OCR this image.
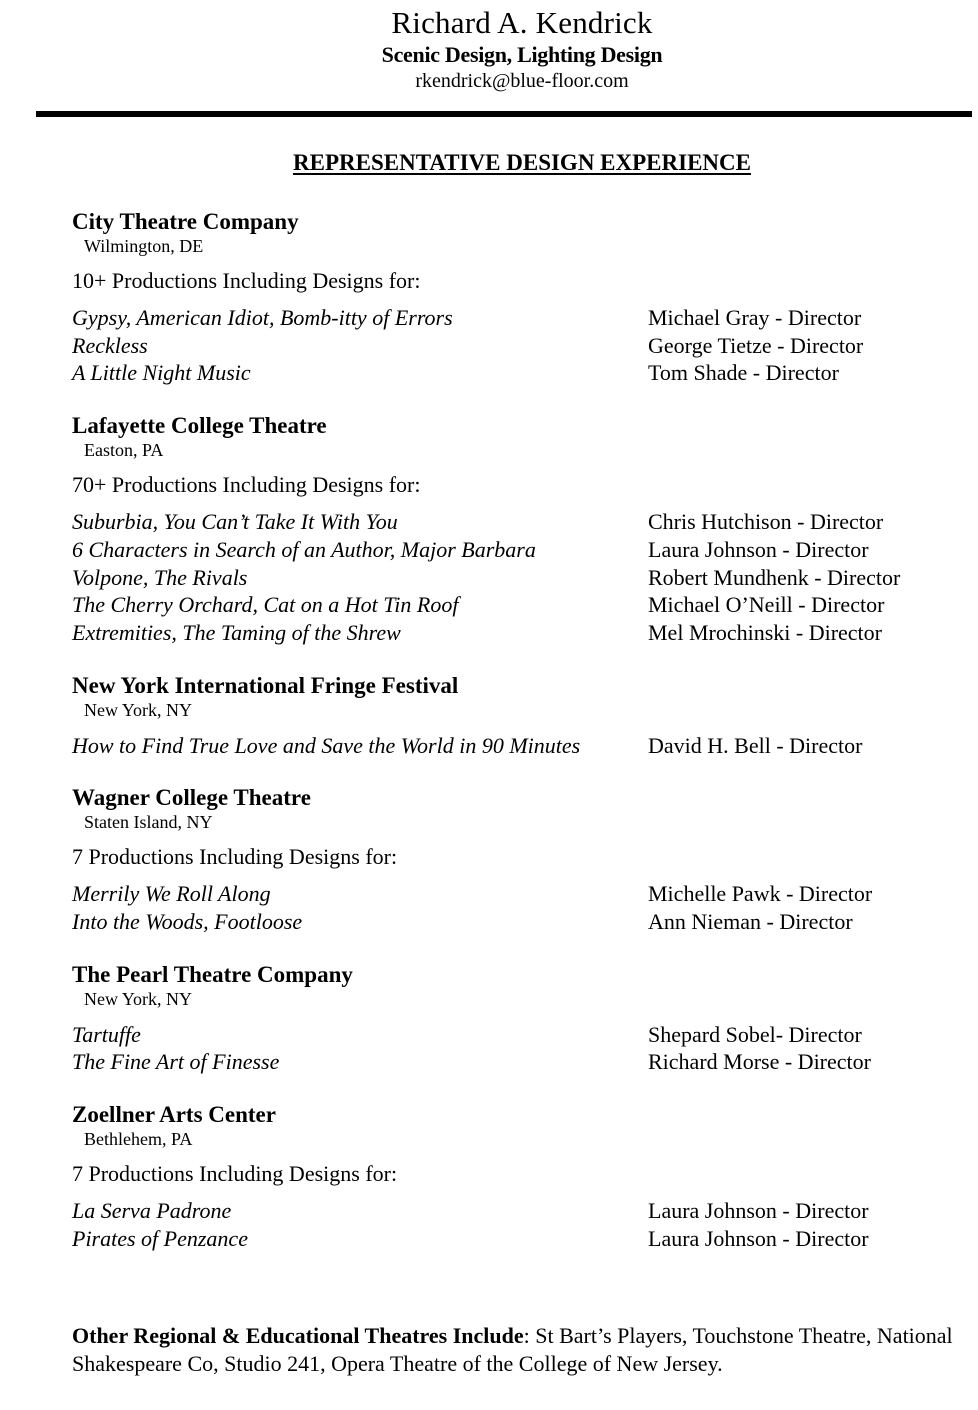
Richard A. Kendrick
Scenic Design, Lighting Design
rkendrick@blue-floor.com
REPRESENTATIVE DESIGN EXPERIENCE
City Theatre Company
Wilmington, DE
10+ Productions Including Designs for:
Gypsy, American Idiot, Bomb-itty of Errors	Michael Gray - Director
Reckless	George Tietze - Director
A Little Night Music	Tom Shade - Director
Lafayette College Theatre
Easton, PA
70+ Productions Including Designs for:
Suburbia, You Can’t Take It With You	Chris Hutchison - Director
6 Characters in Search of an Author, Major Barbara	Laura Johnson - Director
Volpone, The Rivals	Robert Mundhenk - Director
The Cherry Orchard, Cat on a Hot Tin Roof	Michael O’Neill - Director
Extremities, The Taming of the Shrew	Mel Mrochinski - Director
New York International Fringe Festival
New York, NY
How to Find True Love and Save the World in 90 Minutes	David H. Bell - Director
Wagner College Theatre
Staten Island, NY
7 Productions Including Designs for:
Merrily We Roll Along	Michelle Pawk - Director
Into the Woods, Footloose	Ann Nieman - Director
The Pearl Theatre Company
New York, NY
Tartuffe	Shepard Sobel- Director
The Fine Art of Finesse	Richard Morse - Director
Zoellner Arts Center
Bethlehem, PA
7 Productions Including Designs for:
La Serva Padrone	Laura Johnson - Director
Pirates of Penzance	Laura Johnson - Director
Other Regional & Educational Theatres Include: St Bart’s Players, Touchstone Theatre, National Shakespeare Co, Studio 241, Opera Theatre of the College of New Jersey.
